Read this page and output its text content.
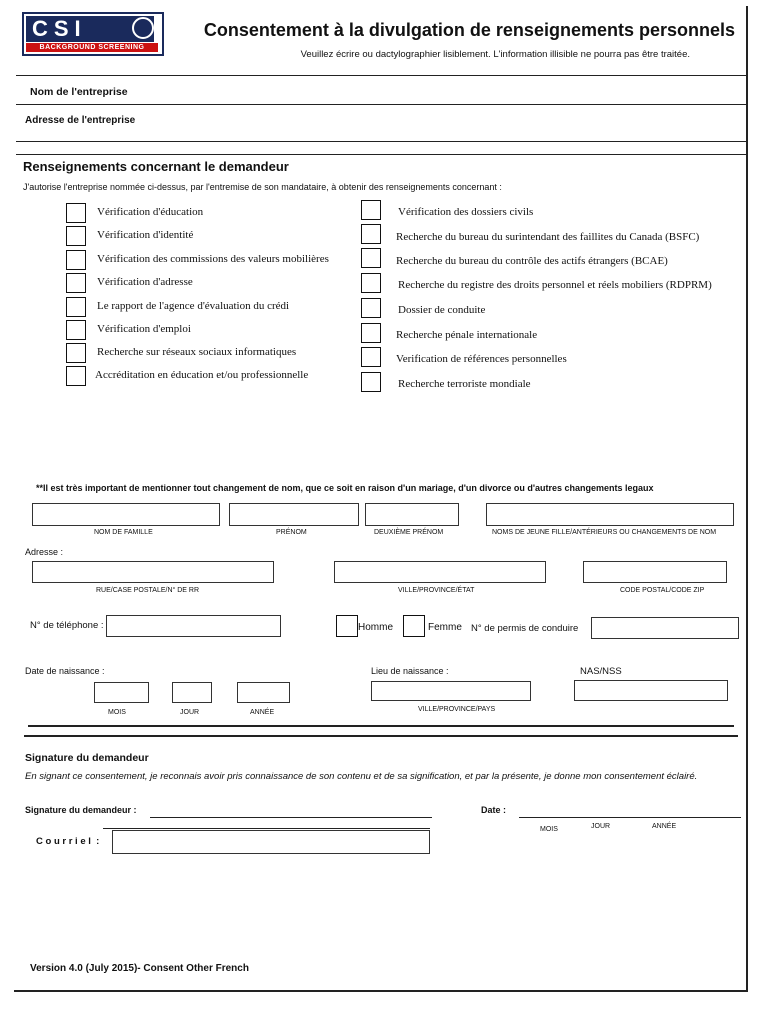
CSI
BACKGROUND SCREENING
Consentement à la divulgation de renseignements personnels
Veuillez écrire ou dactylographier lisiblement. L'information illisible ne pourra pas être traitée.
Nom de l'entreprise
Adresse de l'entreprise
Renseignements concernant le demandeur
J'autorise l'entreprise nommée ci-dessus, par l'entremise de son mandataire, à obtenir des renseignements concernant :
Vérification d'éducation
Vérification d'identité
Vérification des commissions des valeurs mobilières
Vérification d'adresse
Le rapport de l'agence d'évaluation du crédi
Vérification d'emploi
Recherche sur réseaux sociaux informatiques
Accréditation en éducation et/ou professionnelle
Vérification des dossiers civils
Recherche du bureau du surintendant des faillites du Canada (BSFC)
Recherche du bureau du contrôle des actifs étrangers (BCAE)
Recherche du registre des droits personnel et réels mobiliers (RDPRM)
Dossier de conduite
Recherche pénale internationale
Verification de références personnelles
Recherche terroriste mondiale
**Il est très important de mentionner tout changement de nom, que ce soit en raison d'un mariage, d'un divorce ou d'autres changements legaux
NOM DE FAMILLE	PRÉNOM	DEUXIÈME PRÉNOM	NOMS DE JEUNE FILLE/ANTÉRIEURS OU CHANGEMENTS DE NOM
Adresse :
RUE/CASE POSTALE/N° DE RR	VILLE/PROVINCE/ÉTAT	CODE POSTAL/CODE ZIP
N° de téléphone :	Homme	Femme N° de permis de conduire
Date de naissance :
MOIS	JOUR	ANNÉE
Lieu de naissance :
VILLE/PROVINCE/PAYS
NAS/NSS
Signature du demandeur
En signant ce consentement, je reconnais avoir pris connaissance de son contenu et de sa signification, et par la présente, je donne mon consentement éclairé.
Signature du demandeur :	Date :
MOIS	JOUR	ANNÉE
C o u r r i e l  :
Version 4.0 (July 2015)- Consent Other French
